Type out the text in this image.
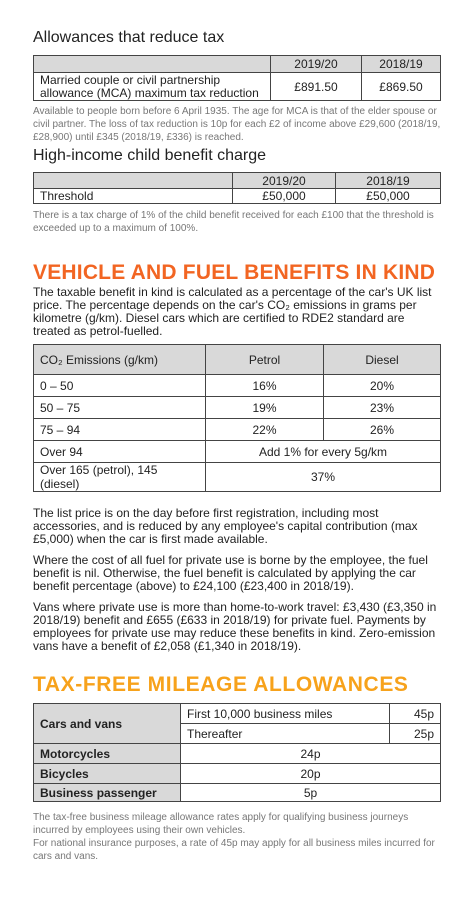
Allowances that reduce tax
	2019/20	2018/19
Married couple or civil partnership allowance (MCA) maximum tax reduction	£891.50	£869.50

Available to people born before 6 April 1935. The age for MCA is that of the elder spouse or civil partner. The loss of tax reduction is 10p for each £2 of income above £29,600 (2018/19, £28,900) until £345 (2018/19, £336) is reached.

High-income child benefit charge
	2019/20	2018/19
Threshold	£50,000	£50,000

There is a tax charge of 1% of the child benefit received for each £100 that the threshold is exceeded up to a maximum of 100%.

VEHICLE AND FUEL BENEFITS IN KIND

The taxable benefit in kind is calculated as a percentage of the car's UK list price. The percentage depends on the car's CO₂ emissions in grams per kilometre (g/km). Diesel cars which are certified to RDE2 standard are treated as petrol-fuelled.

CO₂ Emissions (g/km)	Petrol	Diesel
0 – 50	16%	20%
50 – 75	19%	23%
75 – 94	22%	26%
Over 94	Add 1% for every 5g/km	
Over 165 (petrol), 145 (diesel)	37%	

The list price is on the day before first registration, including most accessories, and is reduced by any employee's capital contribution (max £5,000) when the car is first made available.

Where the cost of all fuel for private use is borne by the employee, the fuel benefit is nil. Otherwise, the fuel benefit is calculated by applying the car benefit percentage (above) to £24,100 (£23,400 in 2018/19).

Vans where private use is more than home-to-work travel: £3,430 (£3,350 in 2018/19) benefit and £655 (£633 in 2018/19) for private fuel. Payments by employees for private use may reduce these benefits in kind. Zero-emission vans have a benefit of £2,058 (£1,340 in 2018/19).

TAX-FREE MILEAGE ALLOWANCES
Cars and vans	First 10,000 business miles	45p
	Thereafter	25p
Motorcycles	24p	
Bicycles	20p	
Business passenger	5p	

The tax-free business mileage allowance rates apply for qualifying business journeys incurred by employees using their own vehicles.

For national insurance purposes, a rate of 45p may apply for all business miles incurred for cars and vans.
